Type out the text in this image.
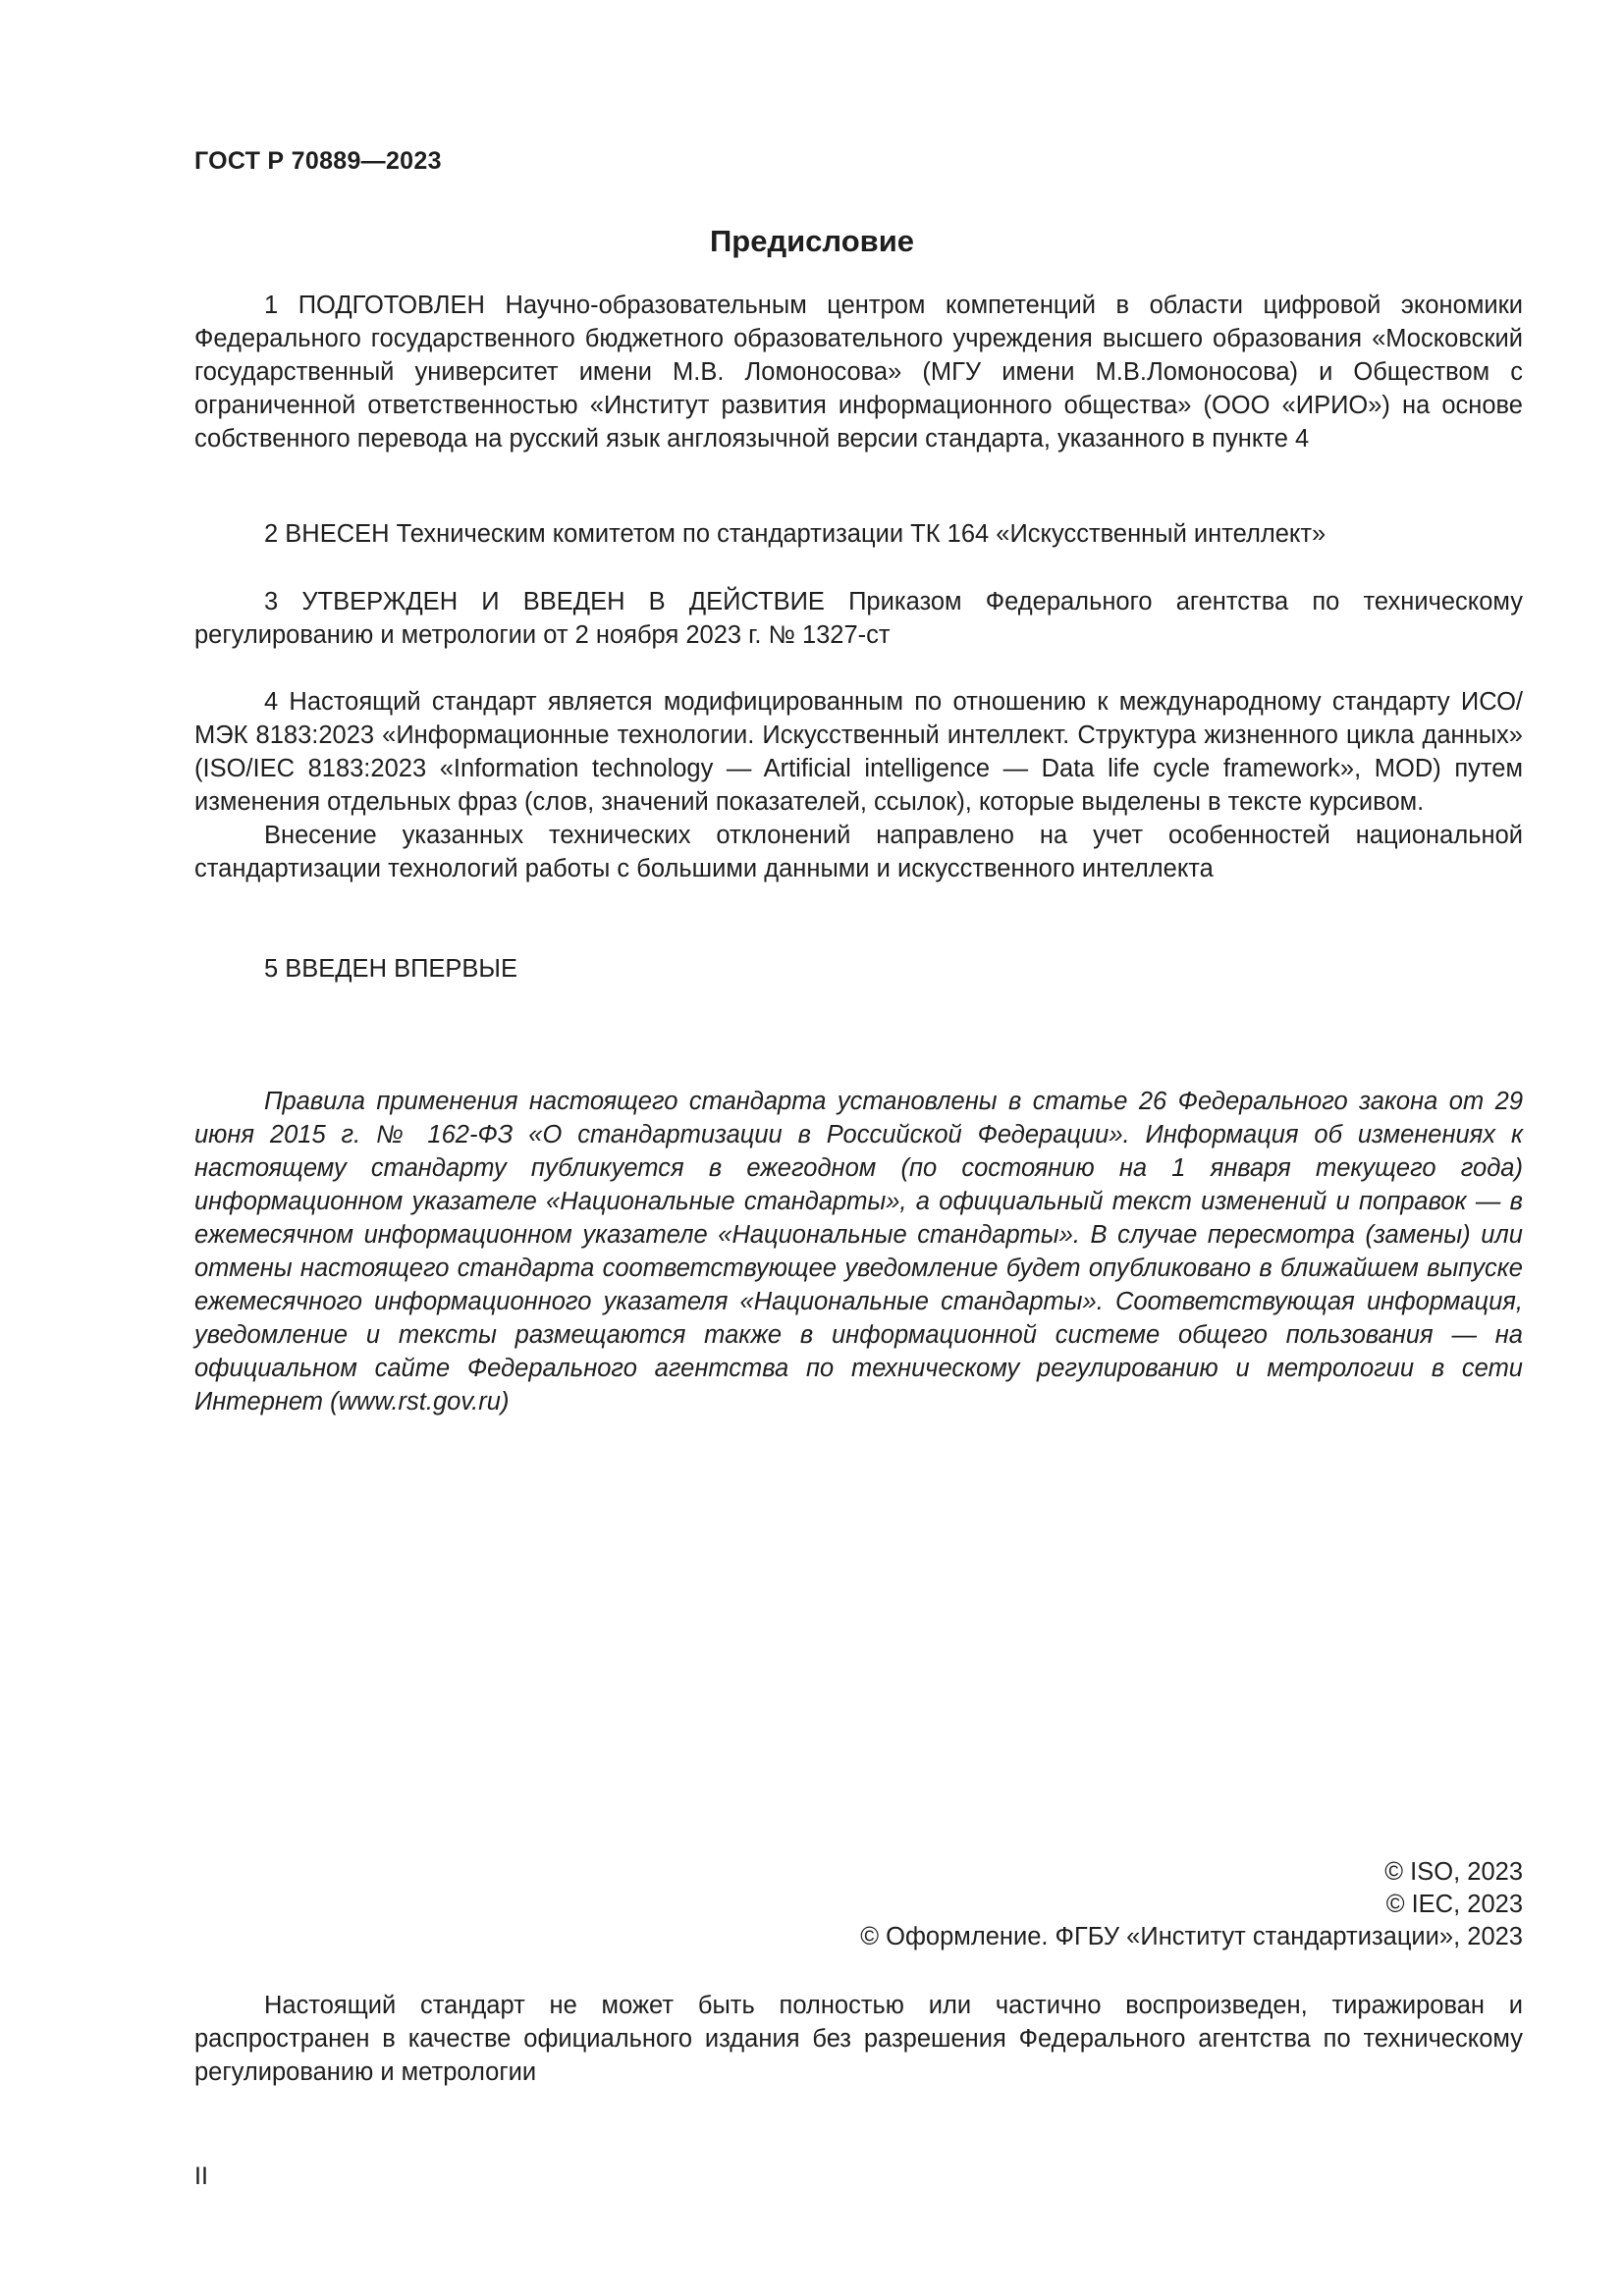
ГОСТ Р 70889—2023
Предисловие

1 ПОДГОТОВЛЕН Научно-образовательным центром компетенций в области цифровой экономики Федерального государственного бюджетного образовательного учреждения высшего образования «Московский государственный университет имени М.В. Ломоносова» (МГУ имени М.В.Ломоносова) и Обществом с ограниченной ответственностью «Институт развития информационного общества» (ООО «ИРИО») на основе собственного перевода на русский язык англоязычной версии стандарта, указанного в пункте 4

2 ВНЕСЕН Техническим комитетом по стандартизации ТК 164 «Искусственный интеллект»

3 УТВЕРЖДЕН И ВВЕДЕН В ДЕЙСТВИЕ Приказом Федерального агентства по техническому регулированию и метрологии от 2 ноября 2023 г. № 1327-ст

4 Настоящий стандарт является модифицированным по отношению к международному стандарту ИСО/МЭК 8183:2023 «Информационные технологии. Искусственный интеллект. Структура жизненного цикла данных» (ISO/IEC 8183:2023 «Information technology — Artificial intelligence — Data life cycle framework», MOD) путем изменения отдельных фраз (слов, значений показателей, ссылок), которые выделены в тексте курсивом.

Внесение указанных технических отклонений направлено на учет особенностей национальной стандартизации технологий работы с большими данными и искусственного интеллекта

5 ВВЕДЕН ВПЕРВЫЕ

Правила применения настоящего стандарта установлены в статье 26 Федерального закона от 29 июня 2015 г. № 162-ФЗ «О стандартизации в Российской Федерации». Информация об изменениях к настоящему стандарту публикуется в ежегодном (по состоянию на 1 января текущего года) информационном указателе «Национальные стандарты», а официальный текст изменений и поправок — в ежемесячном информационном указателе «Национальные стандарты». В случае пересмотра (замены) или отмены настоящего стандарта соответствующее уведомление будет опубликовано в ближайшем выпуске ежемесячного информационного указателя «Национальные стандарты». Соответствующая информация, уведомление и тексты размещаются также в информационной системе общего пользования — на официальном сайте Федерального агентства по техническому регулированию и метрологии в сети Интернет (www.rst.gov.ru)

© ISO, 2023
© IEC, 2023
© Оформление. ФГБУ «Институт стандартизации», 2023

Настоящий стандарт не может быть полностью или частично воспроизведен, тиражирован и распространен в качестве официального издания без разрешения Федерального агентства по техническому регулированию и метрологии

II
